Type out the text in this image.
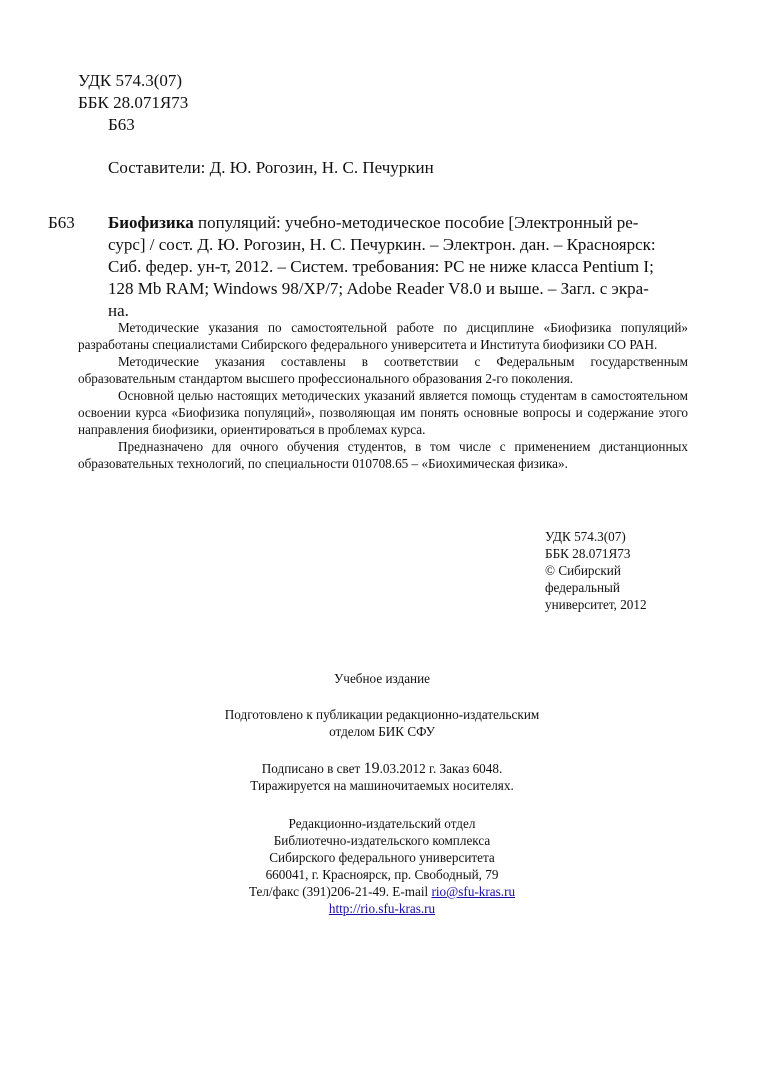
УДК 574.3(07)
ББК 28.071Я73
Б63
Составители: Д. Ю. Рогозин, Н. С. Печуркин
Б63 Биофизика популяций: учебно-методическое пособие [Электронный ре-
сурс] / сост. Д. Ю. Рогозин, Н. С. Печуркин. – Электрон. дан. – Красноярск:
Сиб. федер. ун-т, 2012. – Систем. требования: PC не ниже класса Pentium I;
128 Mb RAM; Windows 98/XP/7; Adobe Reader V8.0 и выше. – Загл. с экра-
на.

Методические указания по самостоятельной работе по дисциплине «Биофизика популяций» разработаны специалистами Сибирского федерального университета и Института биофизики СО РАН.

Методические указания составлены в соответствии с Федеральным государственным образовательным стандартом высшего профессионального образования 2-го поколения.

Основной целью настоящих методических указаний является помощь студентам в самостоятельном освоении курса «Биофизика популяций», позволяющая им понять основные вопросы и содержание этого направления биофизики, ориентироваться в проблемах курса.

Предназначено для очного обучения студентов, в том числе с применением дистанционных образовательных технологий, по специальности 010708.65 – «Биохимическая физика».

УДК 574.3(07)
ББК 28.071Я73
© Сибирский
федеральный
университет, 2012
Учебное издание
Подготовлено к публикации редакционно-издательским
отделом БИК СФУ
Подписано в свет 19.03.2012 г. Заказ 6048.
Тиражируется на машиночитаемых носителях.
Редакционно-издательский отдел
Библиотечно-издательского комплекса
Сибирского федерального университета
660041, г. Красноярск, пр. Свободный, 79
Тел/факс (391)206-21-49. E-mail rio@sfu-kras.ru
http://rio.sfu-kras.ru
